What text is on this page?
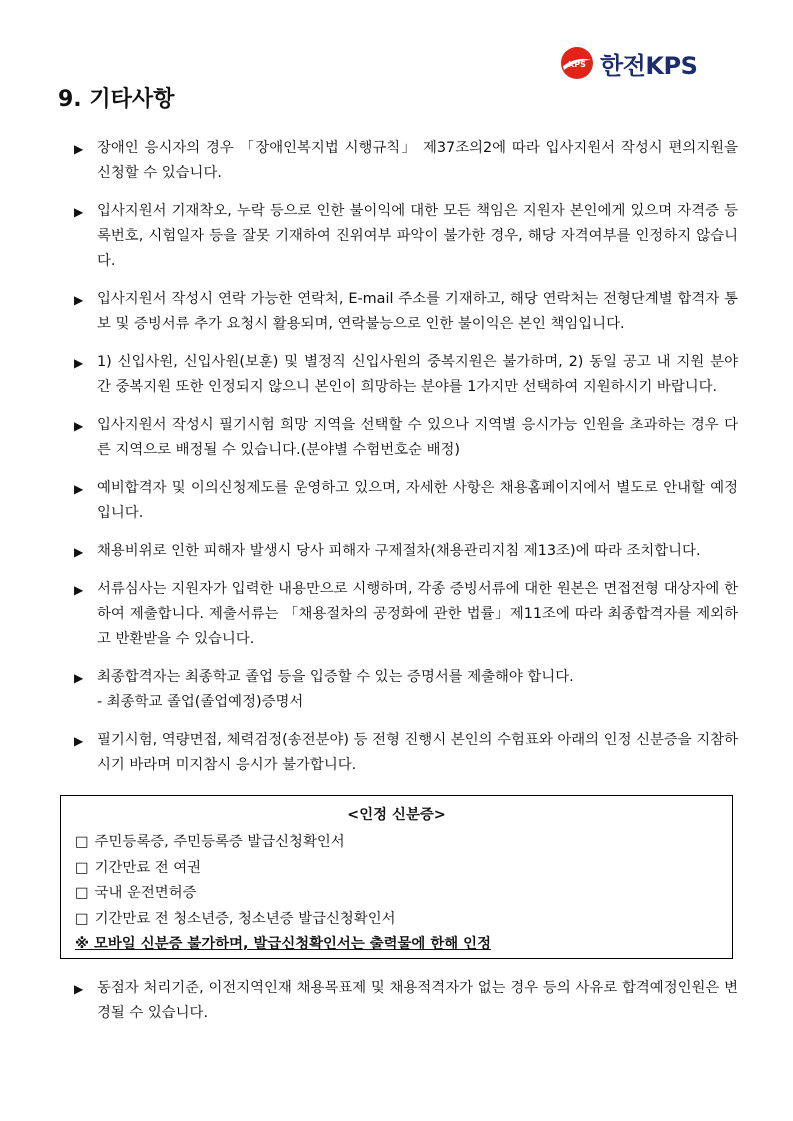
KPS 한전KPS
9. 기타사항
▶ 장애인 응시자의 경우 「장애인복지법 시행규칙」 제37조의2에 따라 입사지원서 작성시 편의지원을 신청할 수 있습니다.
▶ 입사지원서 기재착오, 누락 등으로 인한 불이익에 대한 모든 책임은 지원자 본인에게 있으며 자격증 등록번호, 시험일자 등을 잘못 기재하여 진위여부 파악이 불가한 경우, 해당 자격여부를 인정하지 않습니다.
▶ 입사지원서 작성시 연락 가능한 연락처, E-mail 주소를 기재하고, 해당 연락처는 전형단계별 합격자 통보 및 증빙서류 추가 요청시 활용되며, 연락불능으로 인한 불이익은 본인 책임입니다.
▶ 1) 신입사원, 신입사원(보훈) 및 별정직 신입사원의 중복지원은 불가하며, 2) 동일 공고 내 지원 분야 간 중복지원 또한 인정되지 않으니 본인이 희망하는 분야를 1가지만 선택하여 지원하시기 바랍니다.
▶ 입사지원서 작성시 필기시험 희망 지역을 선택할 수 있으나 지역별 응시가능 인원을 초과하는 경우 다른 지역으로 배정될 수 있습니다.(분야별 수험번호순 배정)
▶ 예비합격자 및 이의신청제도를 운영하고 있으며, 자세한 사항은 채용홈페이지에서 별도로 안내할 예정입니다.
▶ 채용비위로 인한 피해자 발생시 당사 피해자 구제절차(채용관리지침 제13조)에 따라 조치합니다.
▶ 서류심사는 지원자가 입력한 내용만으로 시행하며, 각종 증빙서류에 대한 원본은 면접전형 대상자에 한하여 제출합니다. 제출서류는 「채용절차의 공정화에 관한 법률」제11조에 따라 최종합격자를 제외하고 반환받을 수 있습니다.
▶ 최종합격자는 최종학교 졸업 등을 입증할 수 있는 증명서를 제출해야 합니다.
- 최종학교 졸업(졸업예정)증명서
▶ 필기시험, 역량면접, 체력검정(송전분야) 등 전형 진행시 본인의 수험표와 아래의 인정 신분증을 지참하시기 바라며 미지참시 응시가 불가합니다.
<인정 신분증>
□ 주민등록증, 주민등록증 발급신청확인서
□ 기간만료 전 여권
□ 국내 운전면허증
□ 기간만료 전 청소년증, 청소년증 발급신청확인서
※ 모바일 신분증 불가하며, 발급신청확인서는 출력물에 한해 인정
▶ 동점자 처리기준, 이전지역인재 채용목표제 및 채용적격자가 없는 경우 등의 사유로 합격예정인원은 변경될 수 있습니다.
